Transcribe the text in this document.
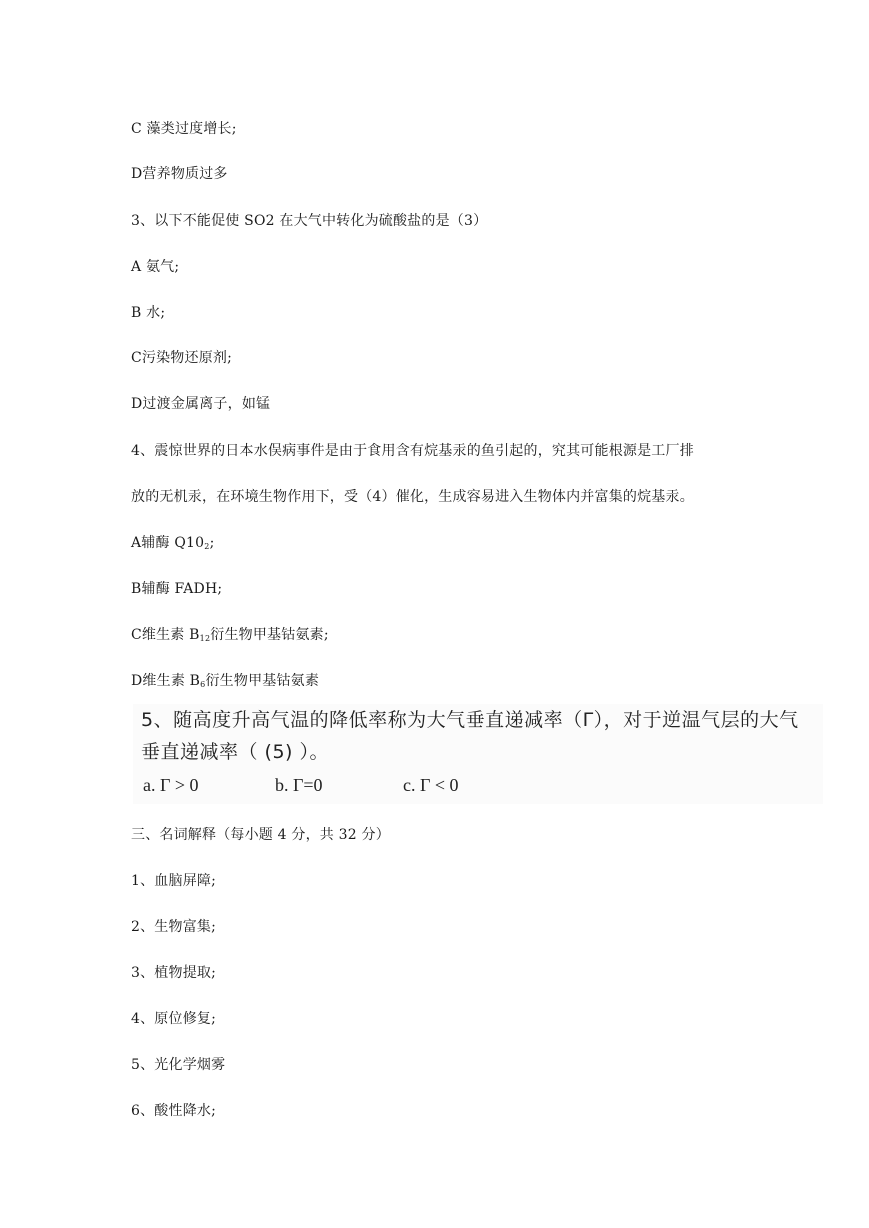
C 藻类过度增长;
D营养物质过多
3、以下不能促使 SO2 在大气中转化为硫酸盐的是（3）
A 氨气;
B 水;
C污染物还原剂;
D过渡金属离子，如锰
4、震惊世界的日本水俣病事件是由于食用含有烷基汞的鱼引起的，究其可能根源是工厂排
放的无机汞，在环境生物作用下，受（4）催化，生成容易进入生物体内并富集的烷基汞。
A辅酶 $Q10_2$;
B辅酶 FADH;
C维生素 $B_{12}$衍生物甲基钴氨素;
D维生素 $B_6$衍生物甲基钴氨素
5、随高度升高气温的降低率称为大气垂直递减率（Γ），对于逆温气层的大气
垂直递减率（ (5) ）。
a. Γ > 0	b. Γ=0	c. Γ < 0
三、名词解释（每小题 4 分，共 32 分）
1、血脑屏障;
2、生物富集;
3、植物提取;
4、原位修复;
5、光化学烟雾
6、酸性降水;
